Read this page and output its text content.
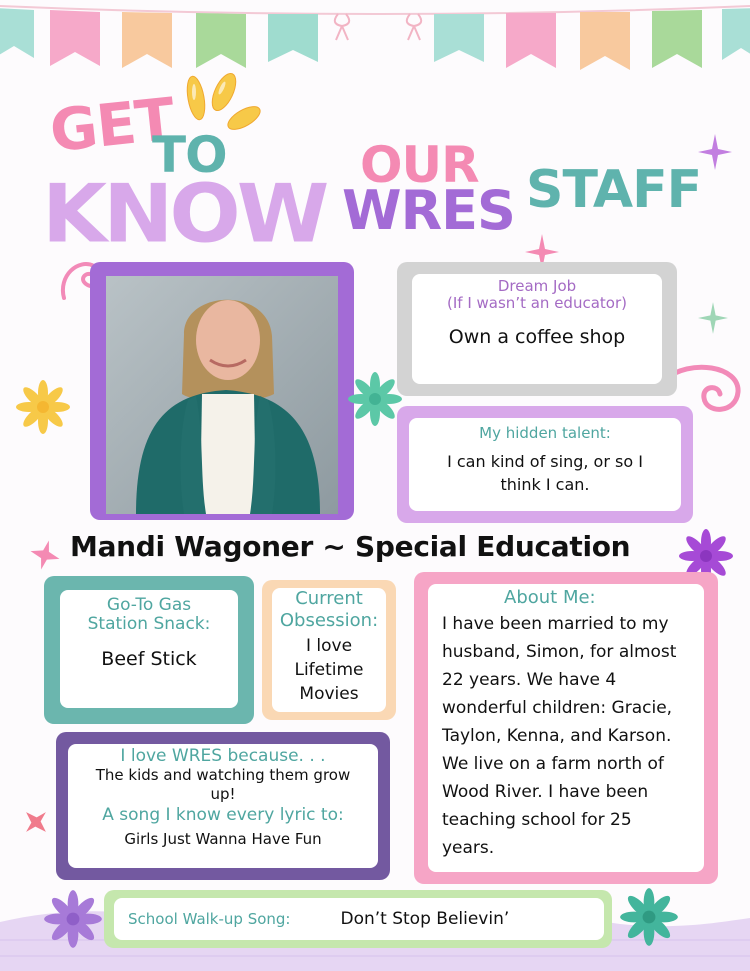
GET
TO
KNOW
OUR
WRES STAFF
Dream Job
(If I wasn’t an educator)
Own a coffee shop
My hidden talent:
I can kind of sing, or so I think I can.
Mandi Wagoner ~ Special Education
Go-To Gas
Station Snack:
Beef Stick
Current
Obsession:
I love
Lifetime
Movies
About Me:
I have been married to my
husband, Simon, for almost
22 years. We have 4
wonderful children: Gracie,
Taylon, Kenna, and Karson.
We live on a farm north of
Wood River. I have been
teaching school for 25
years.
I love WRES because. . .
The kids and watching them grow
up!
A song I know every lyric to:
Girls Just Wanna Have Fun
School Walk-up Song:	Don’t Stop Believin’
